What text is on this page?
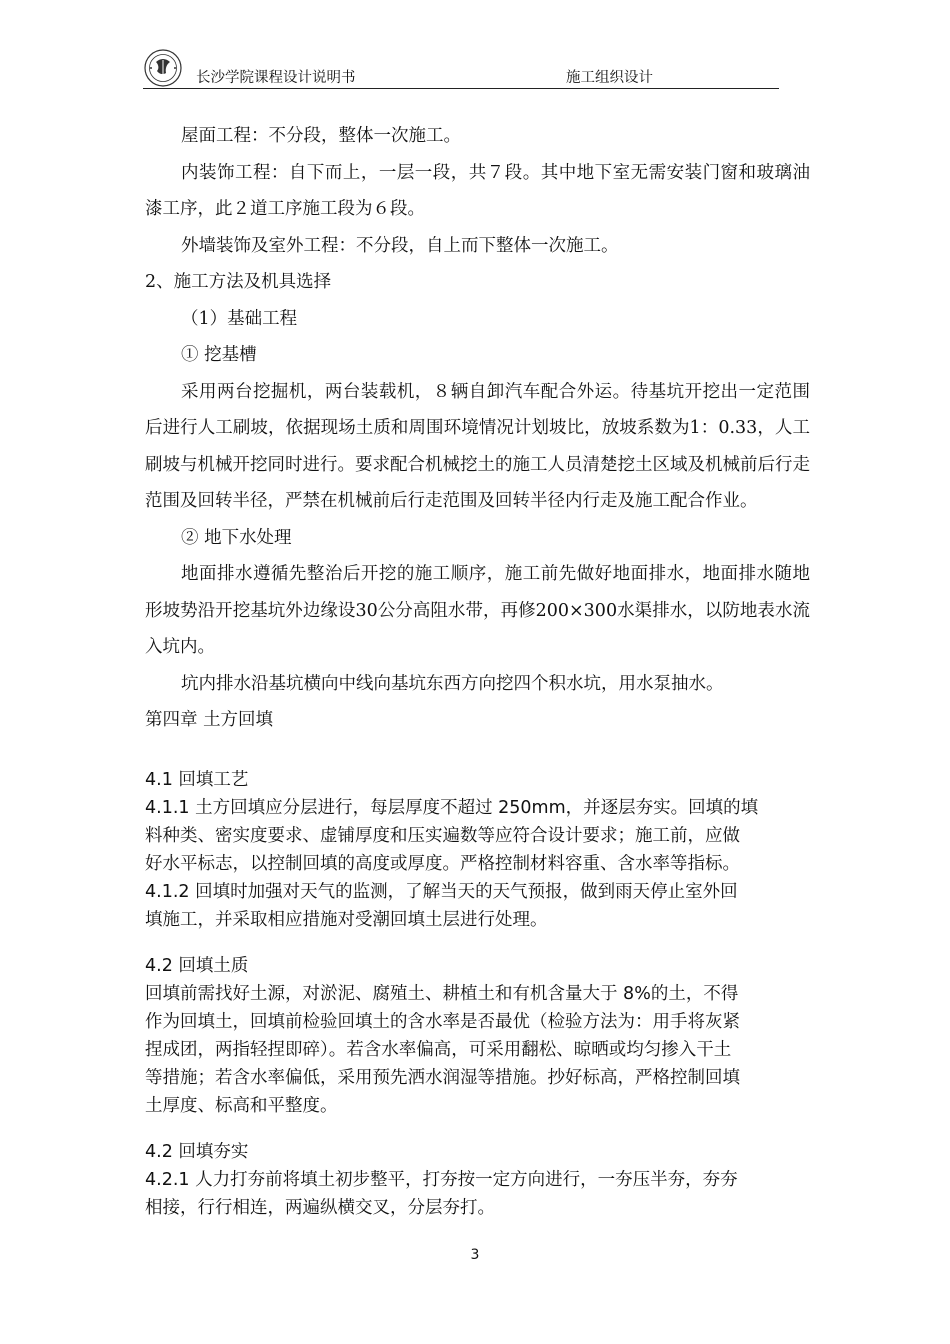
长沙学院课程设计说明书	施工组织设计

屋面工程：不分段，整体一次施工。

内装饰工程：自下而上，一层一段，共７段。其中地下室无需安装门窗和玻璃油漆工序，此２道工序施工段为６段。

外墙装饰及室外工程：不分段，自上而下整体一次施工。

2、施工方法及机具选择

（1）基础工程

① 挖基槽

采用两台挖掘机，两台装载机，８辆自卸汽车配合外运。待基坑开挖出一定范围后进行人工刷坡，依据现场土质和周围环境情况计划坡比，放坡系数为1：0.33，人工刷坡与机械开挖同时进行。要求配合机械挖土的施工人员清楚挖土区域及机械前后行走范围及回转半径，严禁在机械前后行走范围及回转半径内行走及施工配合作业。

② 地下水处理

地面排水遵循先整治后开挖的施工顺序，施工前先做好地面排水，地面排水随地形坡势沿开挖基坑外边缘设30公分高阻水带，再修200×300水渠排水，以防地表水流入坑内。

坑内排水沿基坑横向中线向基坑东西方向挖四个积水坑，用水泵抽水。

第四章 土方回填

4.1 回填工艺

4.1.1 土方回填应分层进行，每层厚度不超过 250mm，并逐层夯实。回填的填

料种类、密实度要求、虚铺厚度和压实遍数等应符合设计要求；施工前，应做

好水平标志，以控制回填的高度或厚度。严格控制材料容重、含水率等指标。

4.1.2 回填时加强对天气的监测，了解当天的天气预报，做到雨天停止室外回

填施工，并采取相应措施对受潮回填土层进行处理。

4.2 回填土质

回填前需找好土源，对淤泥、腐殖土、耕植土和有机含量大于 8%的土，不得

作为回填土，回填前检验回填土的含水率是否最优（检验方法为：用手将灰紧

捏成团，两指轻捏即碎）。若含水率偏高，可采用翻松、晾晒或均匀掺入干土

等措施；若含水率偏低，采用预先洒水润湿等措施。抄好标高，严格控制回填

土厚度、标高和平整度。

4.2 回填夯实

4.2.1 人力打夯前将填土初步整平，打夯按一定方向进行，一夯压半夯，夯夯

相接，行行相连，两遍纵横交叉，分层夯打。

3
